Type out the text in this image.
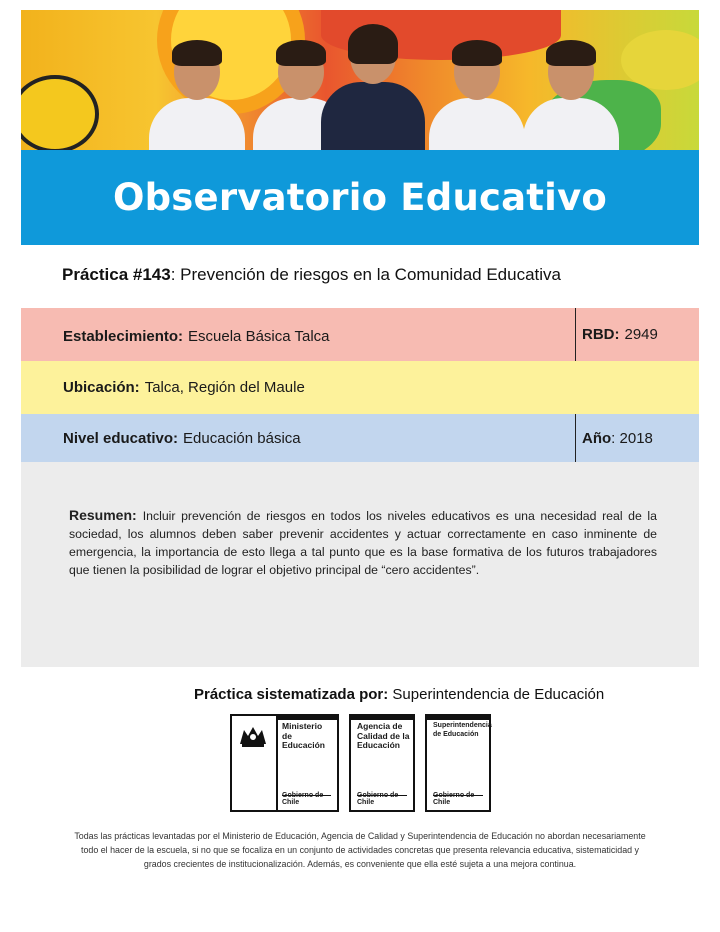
Observatorio Educativo
Práctica #143: Prevención de riesgos en la Comunidad Educativa
Establecimiento: Escuela Básica Talca	RBD: 2949
Ubicación: Talca, Región del Maule
Nivel educativo: Educación básica	Año : 2018

Resumen: Incluir prevención de riesgos en todos los niveles educativos es una necesidad real de la sociedad, los alumnos deben saber prevenir accidentes y actuar correctamente en caso inminente de emergencia, la importancia de esto llega a tal punto que es la base formativa de los futuros trabajadores que tienen la posibilidad de lograr el objetivo principal de “cero accidentes”.

Práctica sistematizada por: Superintendencia de Educación
Ministerio de Educación
Gobierno de Chile
Agencia de Calidad de la Educación
Gobierno de Chile
Superintendencia de Educación
Gobierno de Chile
Todas las prácticas levantadas por el Ministerio de Educación, Agencia de Calidad y Superintendencia de Educación no abordan necesariamente todo el hacer de la escuela, si no que se focaliza en un conjunto de actividades concretas que presenta relevancia educativa, sistematicidad y grados crecientes de institucionalización. Además, es conveniente que ella esté sujeta a una mejora continua.
